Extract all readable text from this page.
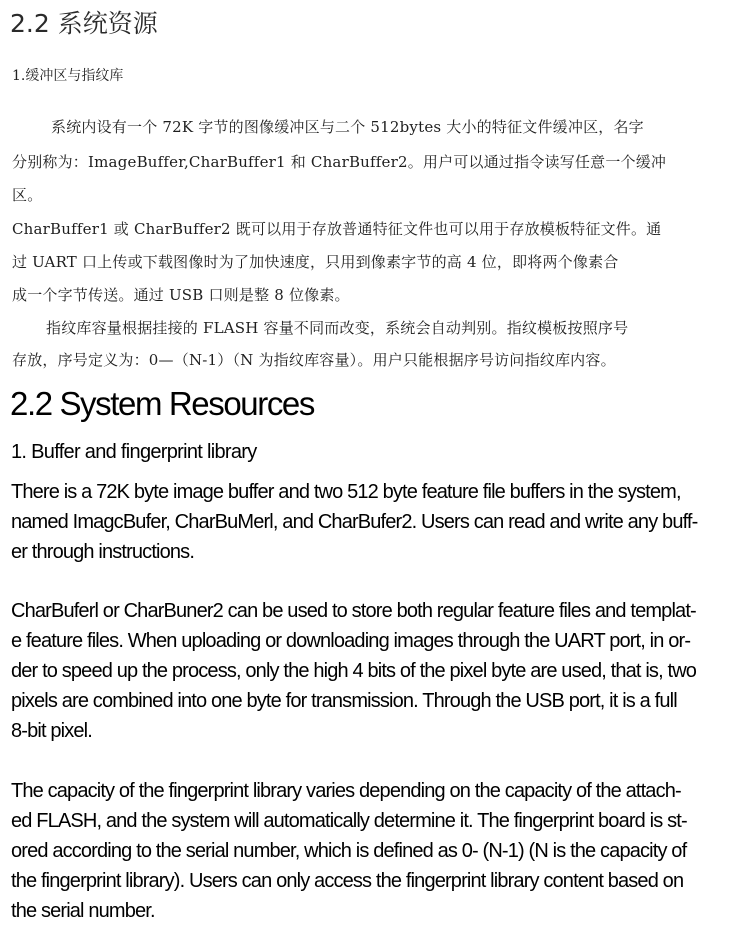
2.2 系统资源
1.缓冲区与指纹库
系统内设有一个 72K 字节的图像缓冲区与二个 512bytes 大小的特征文件缓冲区，名字
分别称为：ImageBuffer,CharBuffer1 和 CharBuffer2。用户可以通过指令读写任意一个缓冲
区。
CharBuffer1 或 CharBuffer2 既可以用于存放普通特征文件也可以用于存放模板特征文件。通
过 UART 口上传或下载图像时为了加快速度，只用到像素字节的高 4 位，即将两个像素合
成一个字节传送。通过 USB 口则是整 8 位像素。
指纹库容量根据挂接的 FLASH 容量不同而改变，系统会自动判别。指纹模板按照序号
存放，序号定义为：0—（N-1）（N 为指纹库容量）。用户只能根据序号访问指纹库内容。
2.2 System Resources
1. Buffer and fingerprint library
There is a 72K byte image buffer and two 512 byte feature file buffers in the system,
named ImagcBufer, CharBuMerl, and CharBufer2. Users can read and write any buff-
er through instructions.
CharBuferl or CharBuner2 can be used to store both regular feature files and templat-
e feature files. When uploading or downloading images through the UART port, in or-
der to speed up the process, only the high 4 bits of the pixel byte are used, that is, two
pixels are combined into one byte for transmission. Through the USB port, it is a full
8-bit pixel.
The capacity of the fingerprint library varies depending on the capacity of the attach-
ed FLASH, and the system will automatically determine it. The fingerprint board is st-
ored according to the serial number, which is defined as 0- (N-1) (N is the capacity of
the fingerprint library). Users can only access the fingerprint library content based on
the serial number.
